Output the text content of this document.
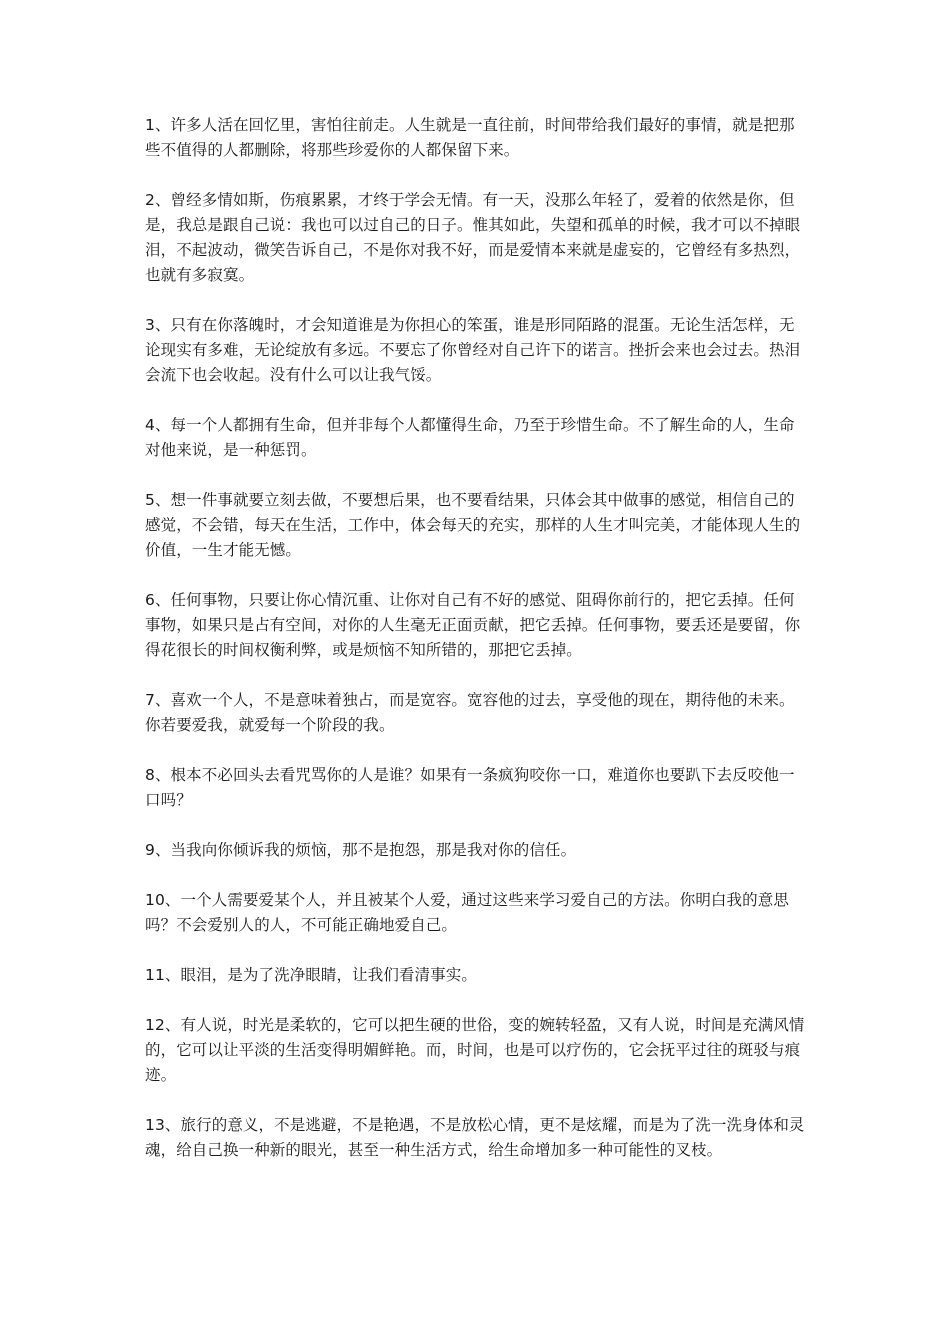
1、许多人活在回忆里，害怕往前走。人生就是一直往前，时间带给我们最好的事情，就是把那些不值得的人都删除，将那些珍爱你的人都保留下来。

2、曾经多情如斯，伤痕累累，才终于学会无情。有一天，没那么年轻了，爱着的依然是你，但是，我总是跟自己说：我也可以过自己的日子。惟其如此，失望和孤单的时候，我才可以不掉眼泪，不起波动，微笑告诉自己，不是你对我不好，而是爱情本来就是虚妄的，它曾经有多热烈，也就有多寂寞。

3、只有在你落魄时，才会知道谁是为你担心的笨蛋，谁是形同陌路的混蛋。无论生活怎样，无论现实有多难，无论绽放有多远。不要忘了你曾经对自己许下的诺言。挫折会来也会过去。热泪会流下也会收起。没有什么可以让我气馁。

4、每一个人都拥有生命，但并非每个人都懂得生命，乃至于珍惜生命。不了解生命的人，生命对他来说，是一种惩罚。

5、想一件事就要立刻去做，不要想后果，也不要看结果，只体会其中做事的感觉，相信自己的感觉，不会错，每天在生活，工作中，体会每天的充实，那样的人生才叫完美，才能体现人生的价值，一生才能无憾。

6、任何事物，只要让你心情沉重、让你对自己有不好的感觉、阻碍你前行的，把它丢掉。任何事物，如果只是占有空间，对你的人生毫无正面贡献，把它丢掉。任何事物，要丢还是要留，你得花很长的时间权衡利弊，或是烦恼不知所错的，那把它丢掉。

7、喜欢一个人，不是意味着独占，而是宽容。宽容他的过去，享受他的现在，期待他的未来。你若要爱我，就爱每一个阶段的我。

8、根本不必回头去看咒骂你的人是谁？如果有一条疯狗咬你一口，难道你也要趴下去反咬他一口吗？

9、当我向你倾诉我的烦恼，那不是抱怨，那是我对你的信任。

10、一个人需要爱某个人，并且被某个人爱，通过这些来学习爱自己的方法。你明白我的意思吗？不会爱别人的人，不可能正确地爱自己。

11、眼泪，是为了洗净眼睛，让我们看清事实。

12、有人说，时光是柔软的，它可以把生硬的世俗，变的婉转轻盈，又有人说，时间是充满风情的，它可以让平淡的生活变得明媚鲜艳。而，时间，也是可以疗伤的，它会抚平过往的斑驳与痕迹。

13、旅行的意义，不是逃避，不是艳遇，不是放松心情，更不是炫耀，而是为了洗一洗身体和灵魂，给自己换一种新的眼光，甚至一种生活方式，给生命增加多一种可能性的叉枝。
